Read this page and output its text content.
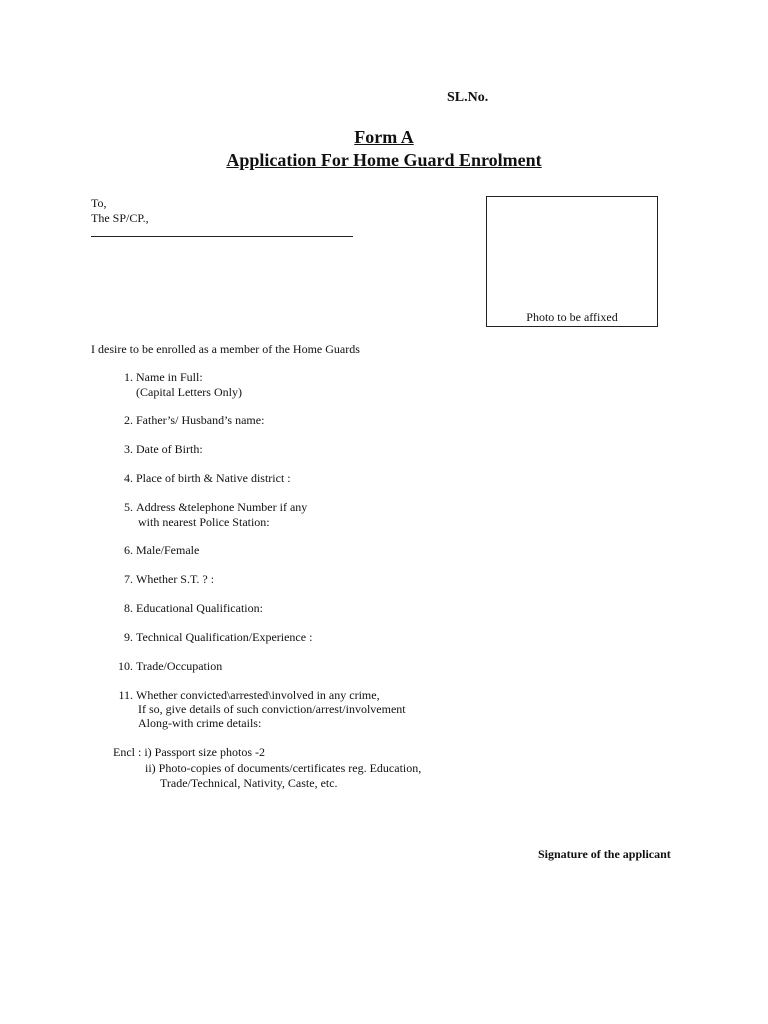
SL.No.
Form A
Application For Home Guard Enrolment
To,
The SP/CP.,
Photo to be affixed
I desire to be enrolled as a member of the Home Guards
1. Name in Full:
(Capital Letters Only)
2. Father’s/ Husband’s name:
3. Date of Birth:
4. Place of birth & Native district :
5. Address &telephone Number if any
with nearest Police Station:
6. Male/Female
7. Whether S.T. ? :
8. Educational Qualification:
9. Technical Qualification/Experience :
10. Trade/Occupation
11. Whether convicted\arrested\involved in any crime,
If so, give details of such conviction/arrest/involvement
Along-with crime details:
Encl : i) Passport size photos -2
ii) Photo-copies of documents/certificates reg. Education,
Trade/Technical, Nativity, Caste, etc.
Signature of the applicant
